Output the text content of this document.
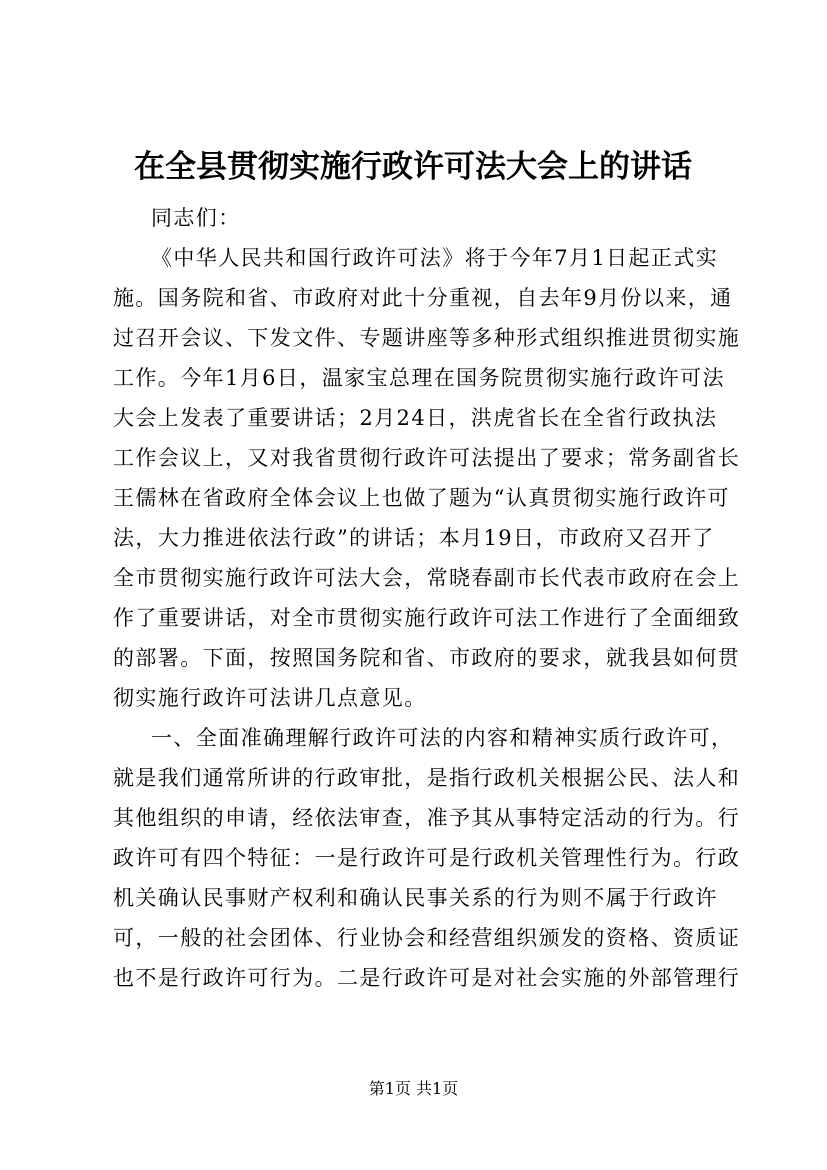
在全县贯彻实施行政许可法大会上的讲话
同志们：
《中华人民共和国行政许可法》将于今年7月1日起正式实
施。国务院和省、市政府对此十分重视，自去年9月份以来，通
过召开会议、下发文件、专题讲座等多种形式组织推进贯彻实施
工作。今年1月6日，温家宝总理在国务院贯彻实施行政许可法
大会上发表了重要讲话；2月24日，洪虎省长在全省行政执法
工作会议上，又对我省贯彻行政许可法提出了要求；常务副省长
王儒林在省政府全体会议上也做了题为“认真贯彻实施行政许可
法，大力推进依法行政”的讲话；本月19日，市政府又召开了
全市贯彻实施行政许可法大会，常晓春副市长代表市政府在会上
作了重要讲话，对全市贯彻实施行政许可法工作进行了全面细致
的部署。下面，按照国务院和省、市政府的要求，就我县如何贯
彻实施行政许可法讲几点意见。
一、全面准确理解行政许可法的内容和精神实质行政许可，
就是我们通常所讲的行政审批，是指行政机关根据公民、法人和
其他组织的申请，经依法审查，准予其从事特定活动的行为。行
政许可有四个特征：一是行政许可是行政机关管理性行为。行政
机关确认民事财产权利和确认民事关系的行为则不属于行政许
可，一般的社会团体、行业协会和经营组织颁发的资格、资质证
也不是行政许可行为。二是行政许可是对社会实施的外部管理行
第1页 共1页
